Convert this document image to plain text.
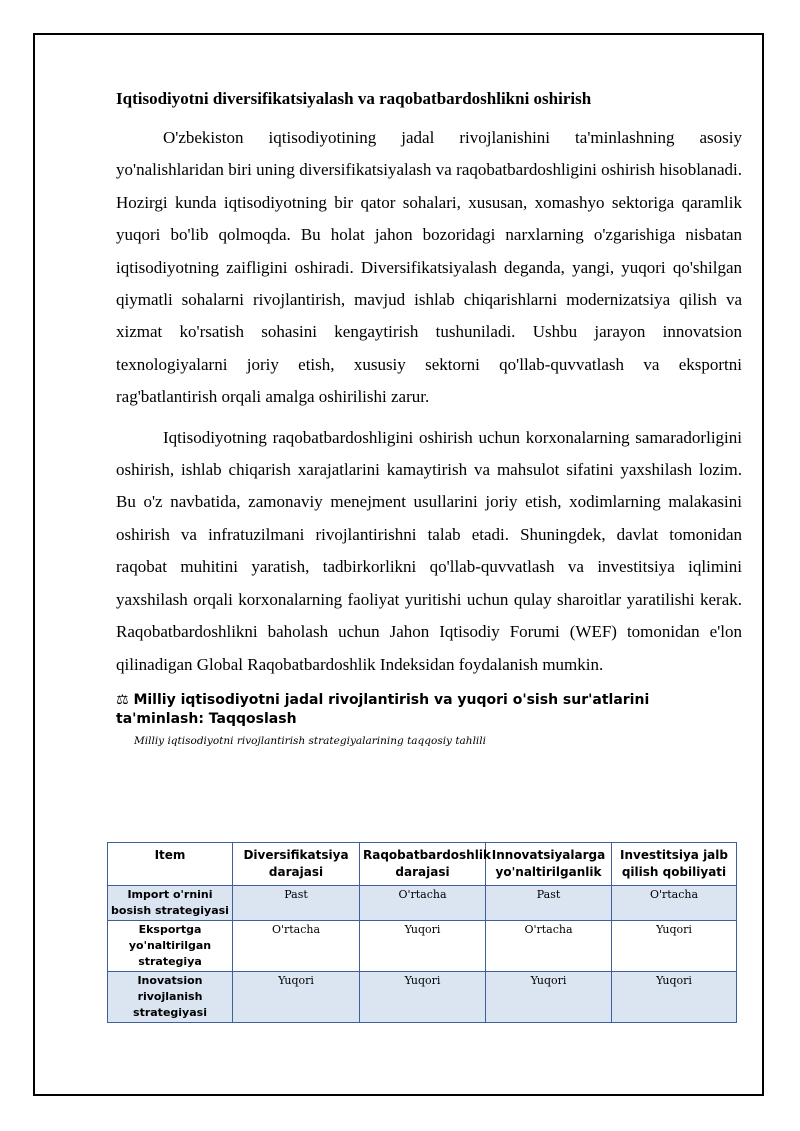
Iqtisodiyotni diversifikatsiyalash va raqobatbardoshlikni oshirish

O'zbekiston iqtisodiyotining jadal rivojlanishini ta'minlashning asosiy yo'nalishlaridan biri uning diversifikatsiyalash va raqobatbardoshligini oshirish hisoblanadi. Hozirgi kunda iqtisodiyotning bir qator sohalari, xususan, xomashyo sektoriga qaramlik yuqori bo'lib qolmoqda. Bu holat jahon bozoridagi narxlarning o'zgarishiga nisbatan iqtisodiyotning zaifligini oshiradi. Diversifikatsiyalash deganda, yangi, yuqori qo'shilgan qiymatli sohalarni rivojlantirish, mavjud ishlab chiqarishlarni modernizatsiya qilish va xizmat ko'rsatish sohasini kengaytirish tushuniladi. Ushbu jarayon innovatsion texnologiyalarni joriy etish, xususiy sektorni qo'llab-quvvatlash va eksportni rag'batlantirish orqali amalga oshirilishi zarur.

Iqtisodiyotning raqobatbardoshligini oshirish uchun korxonalarning samaradorligini oshirish, ishlab chiqarish xarajatlarini kamaytirish va mahsulot sifatini yaxshilash lozim. Bu o'z navbatida, zamonaviy menejment usullarini joriy etish, xodimlarning malakasini oshirish va infratuzilmani rivojlantirishni talab etadi. Shuningdek, davlat tomonidan raqobat muhitini yaratish, tadbirkorlikni qo'llab-quvvatlash va investitsiya iqlimini yaxshilash orqali korxonalarning faoliyat yuritishi uchun qulay sharoitlar yaratilishi kerak. Raqobatbardoshlikni baholash uchun Jahon Iqtisodiy Forumi (WEF) tomonidan e'lon qilinadigan Global Raqobatbardoshlik Indeksidan foydalanish mumkin.

⚖ Milliy iqtisodiyotni jadal rivojlantirish va yuqori o'sish sur'atlarini ta'minlash: Taqqoslash
Milliy iqtisodiyotni rivojlantirish strategiyalarining taqqosiy tahlili
Item	Diversifikatsiya darajasi	Raqobatbardoshlik darajasi	Innovatsiyalarga yo'naltirilganlik	Investitsiya jalb qilish qobiliyati
Import o'rnini bosish strategiyasi	Past	O'rtacha	Past	O'rtacha
Eksportga yo'naltirilgan strategiya	O'rtacha	Yuqori	O'rtacha	Yuqori
Inovatsion rivojlanish strategiyasi	Yuqori	Yuqori	Yuqori	Yuqori
